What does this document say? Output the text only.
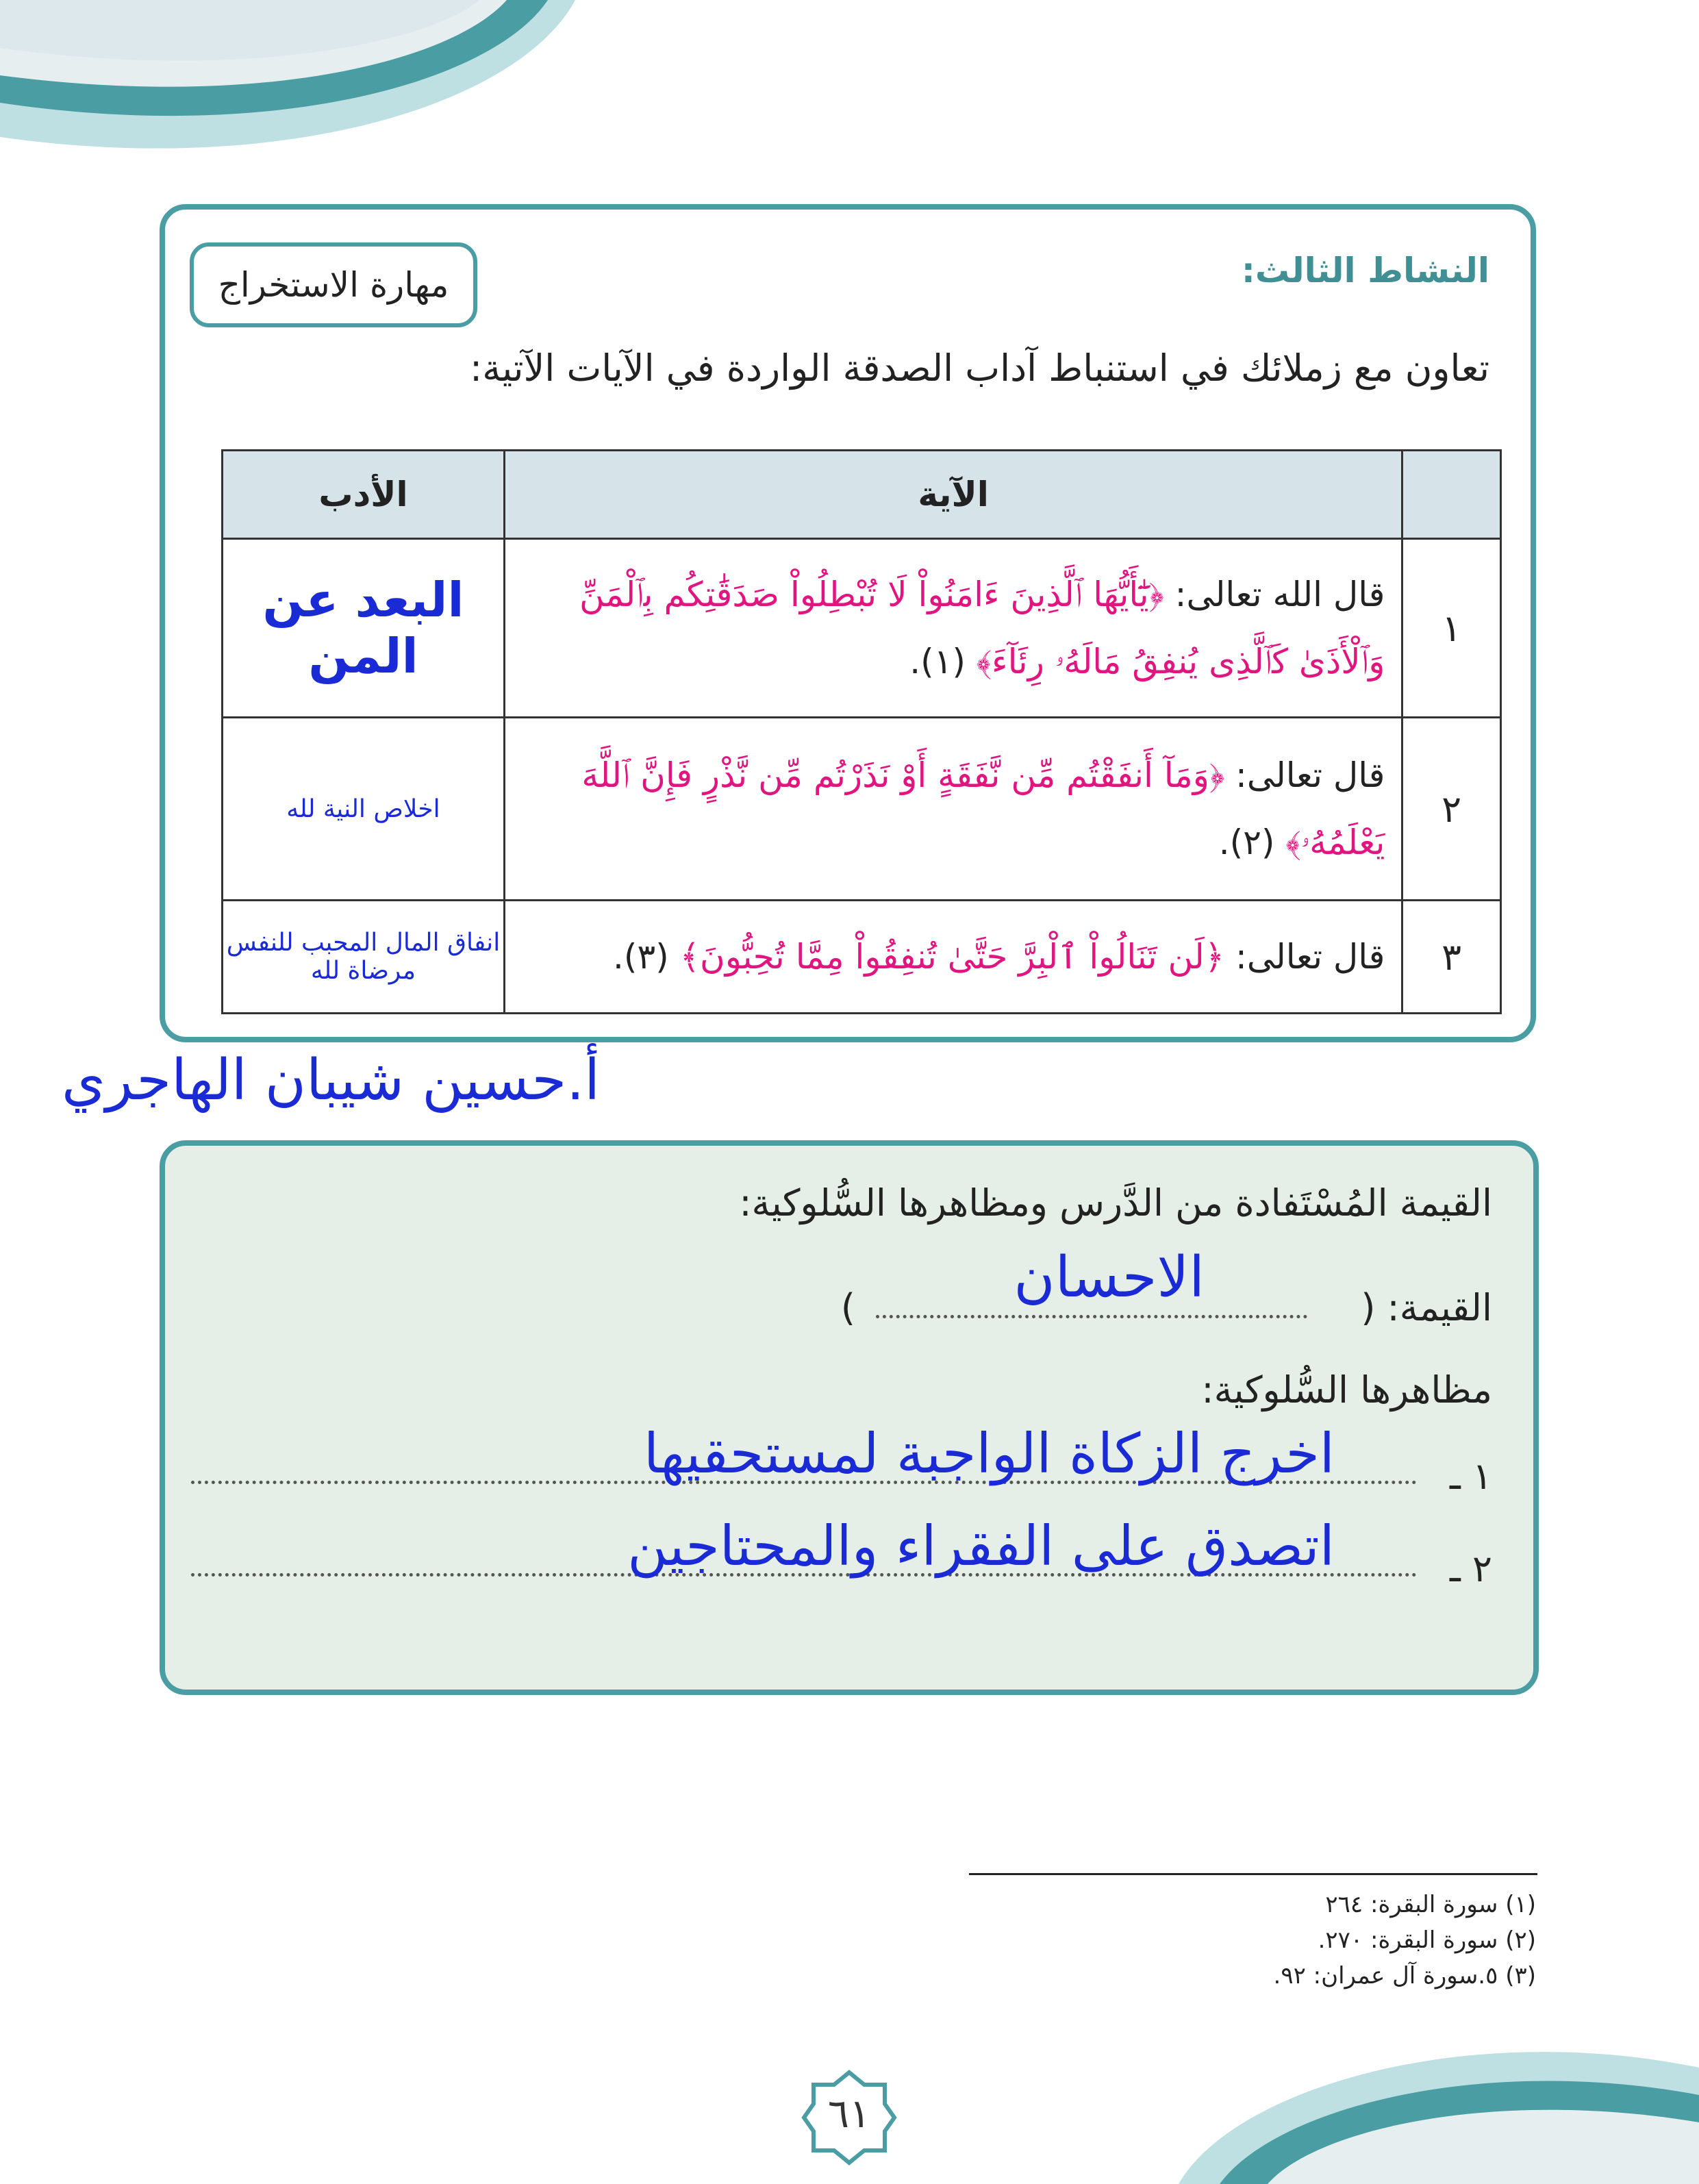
النشاط الثالث:
مهارة الاستخراج
تعاون مع زملائك في استنباط آداب الصدقة الواردة في الآيات الآتية:
	الآية	الأدب
١	قال الله تعالى: ﴿يَٰٓأَيُّهَا ٱلَّذِينَ ءَامَنُواْ لَا تُبْطِلُواْ صَدَقَٰتِكُم بِٱلْمَنِّ وَٱلْأَذَىٰ كَٱلَّذِى يُنفِقُ مَالَهُۥ رِئَآءَ﴾ (١).	البعد عن المن
٢	قال تعالى: ﴿وَمَآ أَنفَقْتُم مِّن نَّفَقَةٍ أَوْ نَذَرْتُم مِّن نَّذْرٍ فَإِنَّ ٱللَّهَ يَعْلَمُهُۥ﴾ (٢).	اخلاص النية لله
٣	قال تعالى: ﴿لَن تَنَالُواْ ٱلْبِرَّ حَتَّىٰ تُنفِقُواْ مِمَّا تُحِبُّونَ﴾ (٣).	انفاق المال المحبب للنفس مرضاة لله
أ.حسين شيبان الهاجري
القيمة المُسْتَفادة من الدَّرس ومظاهرها السُّلوكية:
القيمة: (
)	الاحسان
مظاهرها السُّلوكية:
١ ـ
اخرج الزكاة الواجبة لمستحقيها
٢ ـ
اتصدق على الفقراء والمحتاجين
(١) سورة البقرة: ٢٦٤
(٢) سورة البقرة: ٢٧٠.
(٣) ٥.سورة آل عمران: ٩٢.
٦١
